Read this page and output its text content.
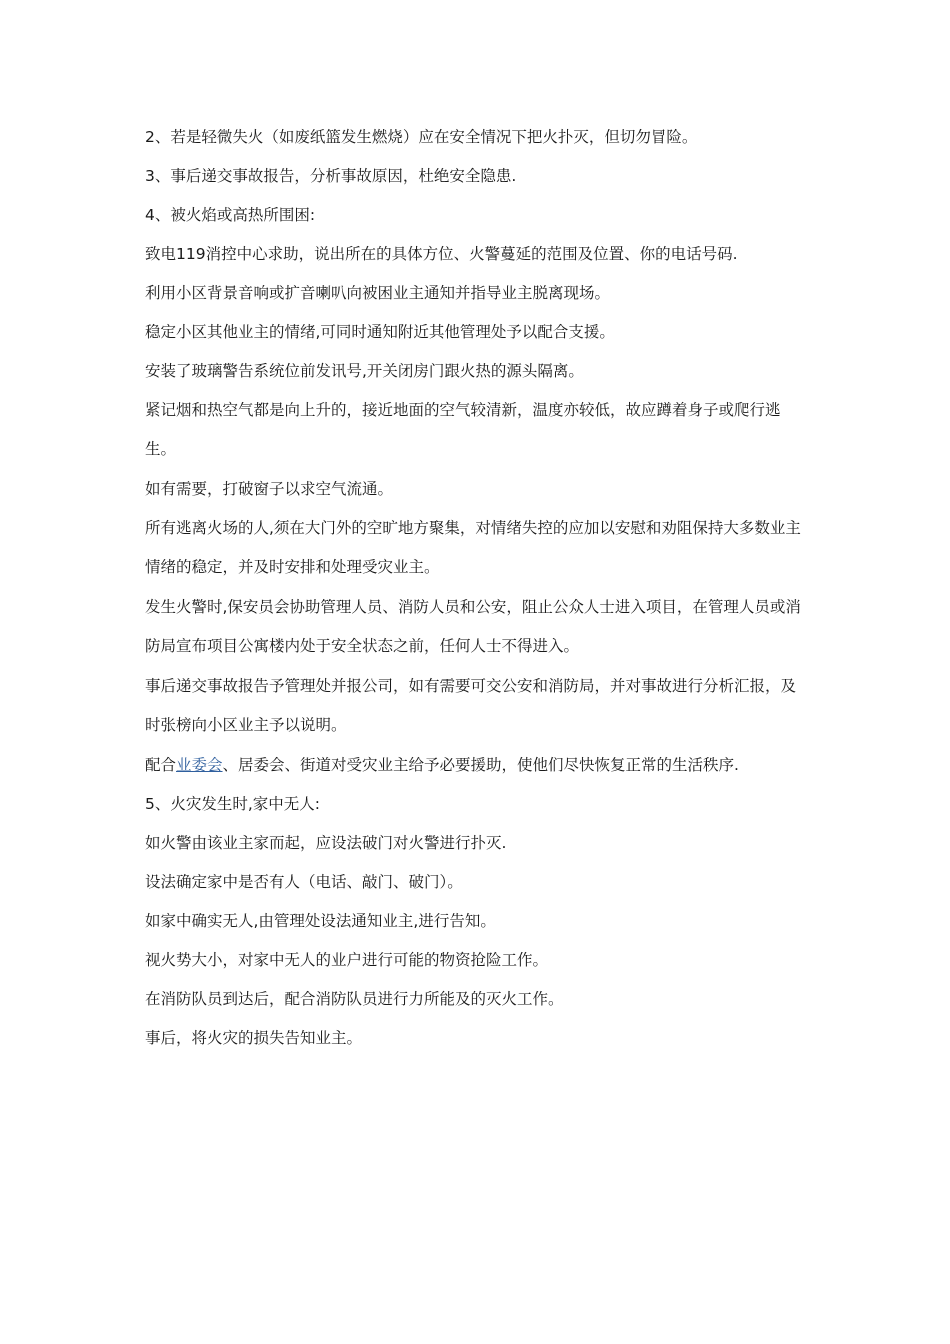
2、若是轻微失火（如废纸篮发生燃烧）应在安全情况下把火扑灭，但切勿冒险。

3、事后递交事故报告，分析事故原因，杜绝安全隐患.

4、被火焰或高热所围困:

致电119消控中心求助，说出所在的具体方位、火警蔓延的范围及位置、你的电话号码.

利用小区背景音响或扩音喇叭向被困业主通知并指导业主脱离现场。

稳定小区其他业主的情绪,可同时通知附近其他管理处予以配合支援。

安装了玻璃警告系统位前发讯号,开关闭房门跟火热的源头隔离。

紧记烟和热空气都是向上升的，接近地面的空气较清新，温度亦较低，故应蹲着身子或爬行逃生。

如有需要，打破窗子以求空气流通。

所有逃离火场的人,须在大门外的空旷地方聚集，对情绪失控的应加以安慰和劝阻保持大多数业主情绪的稳定，并及时安排和处理受灾业主。

发生火警时,保安员会协助管理人员、消防人员和公安，阻止公众人士进入项目，在管理人员或消防局宣布项目公寓楼内处于安全状态之前，任何人士不得进入。

事后递交事故报告予管理处并报公司，如有需要可交公安和消防局，并对事故进行分析汇报，及时张榜向小区业主予以说明。

配合业委会、居委会、街道对受灾业主给予必要援助，使他们尽快恢复正常的生活秩序.

5、火灾发生时,家中无人:

如火警由该业主家而起，应设法破门对火警进行扑灭.

设法确定家中是否有人（电话、敲门、破门）。

如家中确实无人,由管理处设法通知业主,进行告知。

视火势大小，对家中无人的业户进行可能的物资抢险工作。

在消防队员到达后，配合消防队员进行力所能及的灭火工作。

事后，将火灾的损失告知业主。
